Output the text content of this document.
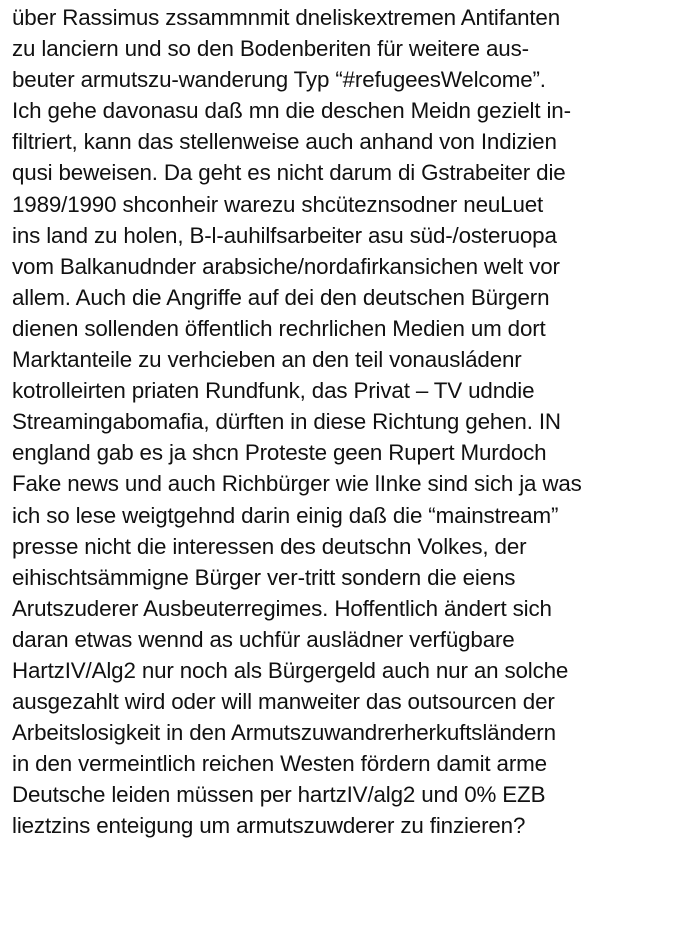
über Rassimus zssammnmit dneliskextremen Antifanten zu lanciern und so den Bodenberiten für weitere aus- beuter armutszu-wanderung Typ “#refugeesWelcome”. Ich gehe davonasu daß mn die deschen Meidn gezielt in- filtriert, kann das stellenweise auch anhand von Indizien qusi beweisen. Da geht es nicht darum di Gstrabeiter die 1989/1990 shconheir warezu shcüteznsodner neuLuet ins land zu holen, B-l-auhilfsarbeiter asu süd-/osteruopa vom Balkanudnder arabsiche/nordafirkansichen welt vor allem. Auch die Angriffe auf dei den deutschen Bürgern dienen sollenden öffentlich rechrlichen Medien um dort Marktanteile zu verhcieben an den teil vonausládenr kotrolleirten priaten Rundfunk, das Privat – TV udndie Streamingabomafia, dürften in diese Richtung gehen. IN england gab es ja shcn Proteste geen Rupert Murdoch Fake news und auch Richbürger wie lInke sind sich ja was ich so lese weigtgehnd darin einig daß die “mainstream” presse nicht die interessen des deutschn Volkes, der eihischtsämmigne Bürger ver-tritt sondern die eiens Arutszuderer Ausbeuterregimes. Hoffentlich ändert sich daran etwas wennd as uchfür auslädner verfügbare HartzIV/Alg2 nur noch als Bürgergeld auch nur an solche ausgezahlt wird oder will manweiter das outsourcen der Arbeitslosigkeit in den Armutszuwandrerherkuftsländern in den vermeintlich reichen Westen fördern damit arme Deutsche leiden müssen per hartzIV/alg2 und 0% EZB lieztzins enteigung um armutszuwderer zu finzieren?
